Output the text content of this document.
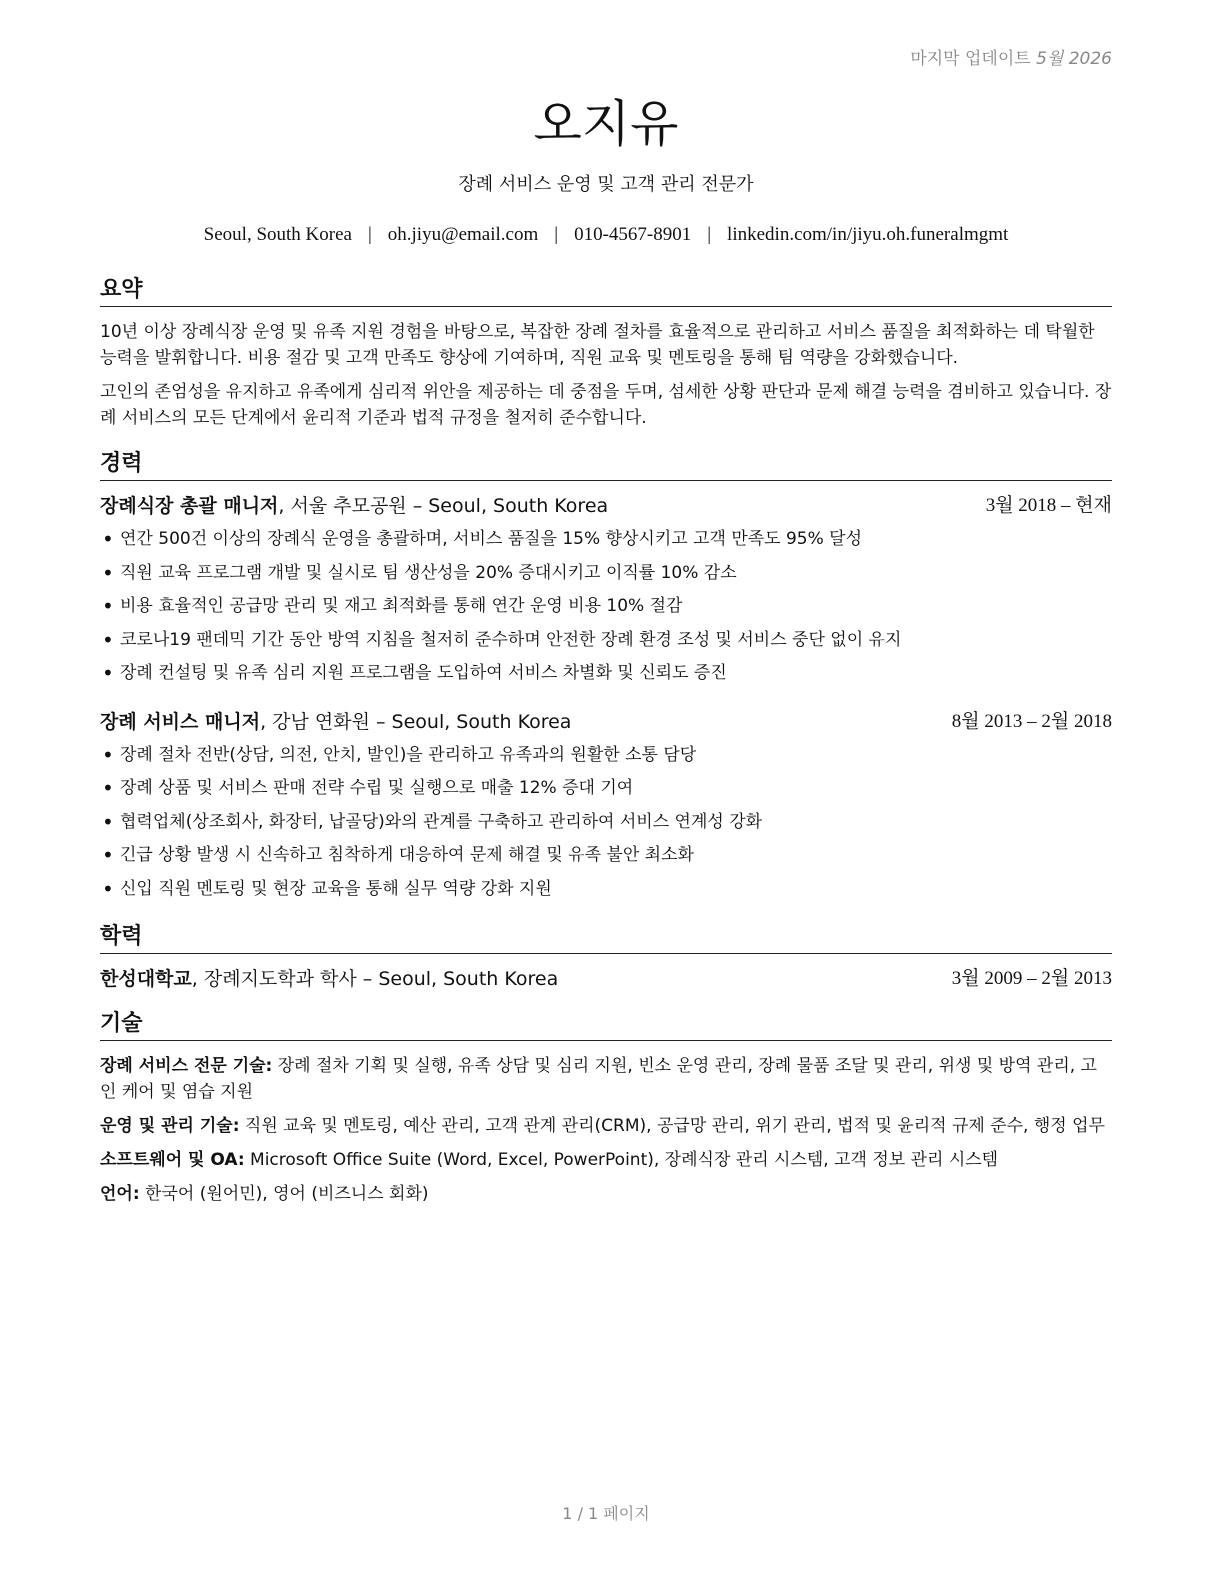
마지막 업데이트 5월 2026
오지유
장례 서비스 운영 및 고객 관리 전문가
Seoul, South Korea | oh.jiyu@email.com | 010-4567-8901 | linkedin.com/in/jiyu.oh.funeralmgmt
요약

10년 이상 장례식장 운영 및 유족 지원 경험을 바탕으로, 복잡한 장례 절차를 효율적으로 관리하고 서비스 품질을 최적화하는 데 탁월한 능력을 발휘합니다. 비용 절감 및 고객 만족도 향상에 기여하며, 직원 교육 및 멘토링을 통해 팀 역량을 강화했습니다.

고인의 존엄성을 유지하고 유족에게 심리적 위안을 제공하는 데 중점을 두며, 섬세한 상황 판단과 문제 해결 능력을 겸비하고 있습니다. 장례 서비스의 모든 단계에서 윤리적 기준과 법적 규정을 철저히 준수합니다.

경력
장례식장 총괄 매니저, 서울 추모공원 – Seoul, South Korea	3월 2018 – 현재
• 연간 500건 이상의 장례식 운영을 총괄하며, 서비스 품질을 15% 향상시키고 고객 만족도 95% 달성
• 직원 교육 프로그램 개발 및 실시로 팀 생산성을 20% 증대시키고 이직률 10% 감소
• 비용 효율적인 공급망 관리 및 재고 최적화를 통해 연간 운영 비용 10% 절감
• 코로나19 팬데믹 기간 동안 방역 지침을 철저히 준수하며 안전한 장례 환경 조성 및 서비스 중단 없이 유지
• 장례 컨설팅 및 유족 심리 지원 프로그램을 도입하여 서비스 차별화 및 신뢰도 증진
장례 서비스 매니저, 강남 연화원 – Seoul, South Korea	8월 2013 – 2월 2018
• 장례 절차 전반(상담, 의전, 안치, 발인)을 관리하고 유족과의 원활한 소통 담당
• 장례 상품 및 서비스 판매 전략 수립 및 실행으로 매출 12% 증대 기여
• 협력업체(상조회사, 화장터, 납골당)와의 관계를 구축하고 관리하여 서비스 연계성 강화
• 긴급 상황 발생 시 신속하고 침착하게 대응하여 문제 해결 및 유족 불안 최소화
• 신입 직원 멘토링 및 현장 교육을 통해 실무 역량 강화 지원
학력
한성대학교, 장례지도학과 학사 – Seoul, South Korea	3월 2009 – 2월 2013
기술

장례 서비스 전문 기술: 장례 절차 기획 및 실행, 유족 상담 및 심리 지원, 빈소 운영 관리, 장례 물품 조달 및 관리, 위생 및 방역 관리, 고인 케어 및 염습 지원

운영 및 관리 기술: 직원 교육 및 멘토링, 예산 관리, 고객 관계 관리(CRM), 공급망 관리, 위기 관리, 법적 및 윤리적 규제 준수, 행정 업무

소프트웨어 및 OA: Microsoft Office Suite (Word, Excel, PowerPoint), 장례식장 관리 시스템, 고객 정보 관리 시스템

언어: 한국어 (원어민), 영어 (비즈니스 회화)

1 / 1 페이지
